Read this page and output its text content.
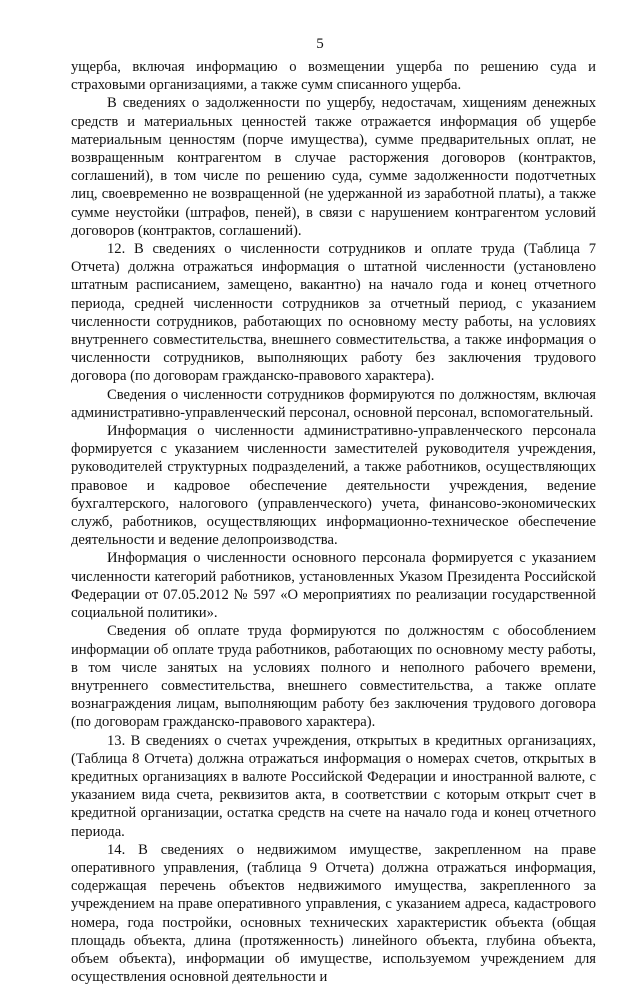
5

ущерба, включая информацию о возмещении ущерба по решению суда и страховыми организациями, а также сумм списанного ущерба.

В сведениях о задолженности по ущербу, недостачам, хищениям денежных средств и материальных ценностей также отражается информация об ущербе материальным ценностям (порче имущества), сумме предварительных оплат, не возвращенным контрагентом в случае расторжения договоров (контрактов, соглашений), в том числе по решению суда, сумме задолженности подотчетных лиц, своевременно не возвращенной (не удержанной из заработной платы), а также сумме неустойки (штрафов, пеней), в связи с нарушением контрагентом условий договоров (контрактов, соглашений).

12. В сведениях о численности сотрудников и оплате труда (Таблица 7 Отчета) должна отражаться информация о штатной численности (установлено штатным расписанием, замещено, вакантно) на начало года и конец отчетного периода, средней численности сотрудников за отчетный период, с указанием численности сотрудников, работающих по основному месту работы, на условиях внутреннего совместительства, внешнего совместительства, а также информация о численности сотрудников, выполняющих работу без заключения трудового договора (по договорам гражданско-правового характера).

Сведения о численности сотрудников формируются по должностям, включая административно-управленческий персонал, основной персонал, вспомогательный.

Информация о численности административно-управленческого персонала формируется с указанием численности заместителей руководителя учреждения, руководителей структурных подразделений, а также работников, осуществляющих правовое и кадровое обеспечение деятельности учреждения, ведение бухгалтерского, налогового (управленческого) учета, финансово-экономических служб, работников, осуществляющих информационно-техническое обеспечение деятельности и ведение делопроизводства.

Информация о численности основного персонала формируется с указанием численности категорий работников, установленных Указом Президента Российской Федерации от 07.05.2012 № 597 «О мероприятиях по реализации государственной социальной политики».

Сведения об оплате труда формируются по должностям с обособлением информации об оплате труда работников, работающих по основному месту работы, в том числе занятых на условиях полного и неполного рабочего времени, внутреннего совместительства, внешнего совместительства, а также оплате вознаграждения лицам, выполняющим работу без заключения трудового договора (по договорам гражданско-правового характера).

13. В сведениях о счетах учреждения, открытых в кредитных организациях, (Таблица 8 Отчета) должна отражаться информация о номерах счетов, открытых в кредитных организациях в валюте Российской Федерации и иностранной валюте, с указанием вида счета, реквизитов акта, в соответствии с которым открыт счет в кредитной организации, остатка средств на счете на начало года и конец отчетного периода.

14. В сведениях о недвижимом имуществе, закрепленном на праве оперативного управления, (таблица 9 Отчета) должна отражаться информация, содержащая перечень объектов недвижимого имущества, закрепленного за учреждением на праве оперативного управления, с указанием адреса, кадастрового номера, года постройки, основных технических характеристик объекта (общая площадь объекта, длина (протяженность) линейного объекта, глубина объекта, объем объекта), информации об имуществе, используемом учреждением для осуществления основной деятельности и
